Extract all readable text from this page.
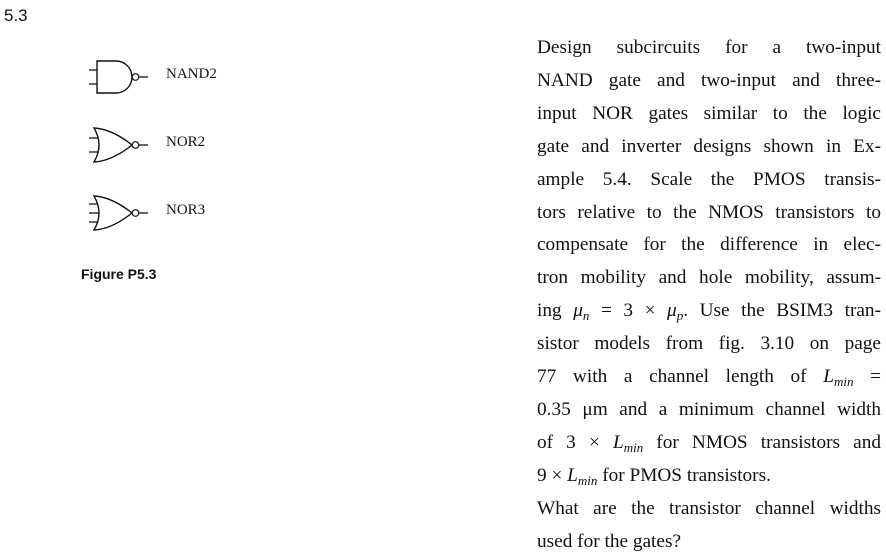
5.3
NAND2
NOR2
NOR3
Figure P5.3
Design subcircuits for a two-input
NAND gate and two-input and three-
input NOR gates similar to the logic
gate and inverter designs shown in Ex-
ample 5.4. Scale the PMOS transis-
tors relative to the NMOS transistors to
compensate for the difference in elec-
tron mobility and hole mobility, assum-
ing $\mu_n = 3 \times \mu_p$. Use the BSIM3 tran-
sistor models from fig. 3.10 on page
77 with a channel length of $L_{min}$ =
0.35 μm and a minimum channel width
of $3 \times L_{min}$ for NMOS transistors and
$9 \times L_{min}$ for PMOS transistors.
What are the transistor channel widths
used for the gates?
